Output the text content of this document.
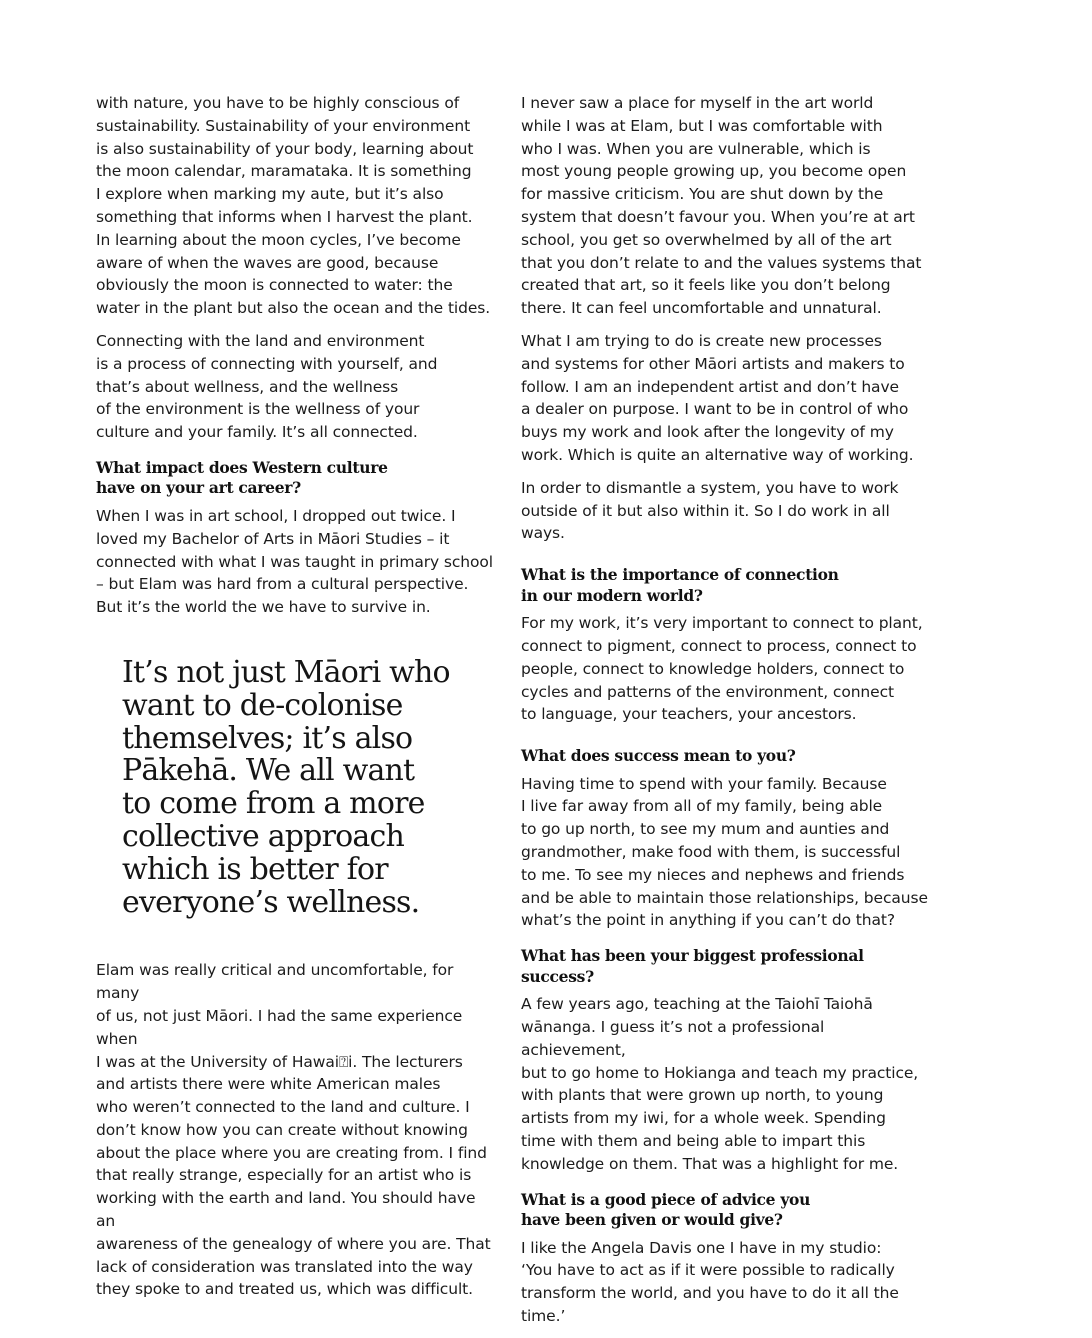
with nature, you have to be highly conscious of
sustainability. Sustainability of your environment
is also sustainability of your body, learning about
the moon calendar, maramataka. It is something
I explore when marking my aute, but it’s also
something that informs when I harvest the plant.
In learning about the moon cycles, I’ve become
aware of when the waves are good, because
obviously the moon is connected to water: the
water in the plant but also the ocean and the tides.

Connecting with the land and environment
is a process of connecting with yourself, and
that’s about wellness, and the wellness
of the environment is the wellness of your
culture and your family. It’s all connected.

What impact does Western culture
have on your art career?

When I was in art school, I dropped out twice. I
loved my Bachelor of Arts in Māori Studies – it
connected with what I was taught in primary school
– but Elam was hard from a cultural perspective.
But it’s the world the we have to survive in.

It’s not just Māori who
want to de-colonise
themselves; it’s also
Pākehā. We all want
to come from a more
collective approach
which is better for
everyone’s wellness.

Elam was really critical and uncomfortable, for many
of us, not just Māori. I had the same experience when
I was at the University of Hawai⍰i. The lecturers
and artists there were white American males
who weren’t connected to the land and culture. I
don’t know how you can create without knowing
about the place where you are creating from. I find
that really strange, especially for an artist who is
working with the earth and land. You should have an
awareness of the genealogy of where you are. That
lack of consideration was translated into the way
they spoke to and treated us, which was difficult.

I never saw a place for myself in the art world
while I was at Elam, but I was comfortable with
who I was. When you are vulnerable, which is
most young people growing up, you become open
for massive criticism. You are shut down by the
system that doesn’t favour you. When you’re at art
school, you get so overwhelmed by all of the art
that you don’t relate to and the values systems that
created that art, so it feels like you don’t belong
there. It can feel uncomfortable and unnatural.

What I am trying to do is create new processes
and systems for other Māori artists and makers to
follow. I am an independent artist and don’t have
a dealer on purpose. I want to be in control of who
buys my work and look after the longevity of my
work. Which is quite an alternative way of working.

In order to dismantle a system, you have to work
outside of it but also within it. So I do work in all ways.

What is the importance of connection
in our modern world?

For my work, it’s very important to connect to plant,
connect to pigment, connect to process, connect to
people, connect to knowledge holders, connect to
cycles and patterns of the environment, connect
to language, your teachers, your ancestors.

What does success mean to you?

Having time to spend with your family. Because
I live far away from all of my family, being able
to go up north, to see my mum and aunties and
grandmother, make food with them, is successful
to me. To see my nieces and nephews and friends
and be able to maintain those relationships, because
what’s the point in anything if you can’t do that?

What has been your biggest professional success?

A few years ago, teaching at the Taiohī Taiohā
wānanga. I guess it’s not a professional achievement,
but to go home to Hokianga and teach my practice,
with plants that were grown up north, to young
artists from my iwi, for a whole week. Spending
time with them and being able to impart this
knowledge on them. That was a highlight for me.

What is a good piece of advice you
have been given or would give?

I like the Angela Davis one I have in my studio:
‘You have to act as if it were possible to radically
transform the world, and you have to do it all the time.’
